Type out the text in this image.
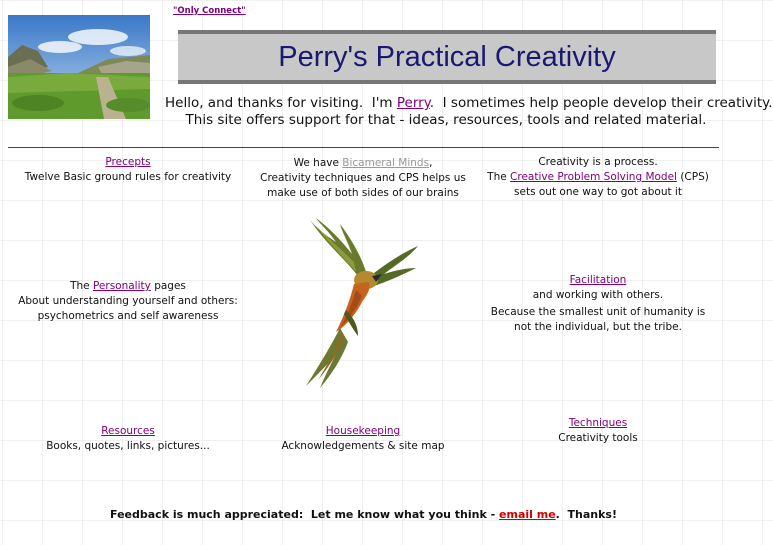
"Only Connect"
Perry's Practical Creativity
Hello, and thanks for visiting.  I'm Perry.  I sometimes help people develop their creativity.
This site offers support for that - ideas, resources, tools and related material.
Precepts
Twelve Basic ground rules for creativity
We have Bicameral Minds,
Creativity techniques and CPS helps us
make use of both sides of our brains
Creativity is a process.
The Creative Problem Solving Model (CPS)
sets out one way to got about it
The Personality pages
About understanding yourself and others:
psychometrics and self awareness
Facilitation
and working with others.
Because the smallest unit of humanity is
not the individual, but the tribe.
Resources
Books, quotes, links, pictures...
Housekeeping
Acknowledgements & site map
Techniques
Creativity tools
Feedback is much appreciated:  Let me know what you think - email me.  Thanks!
